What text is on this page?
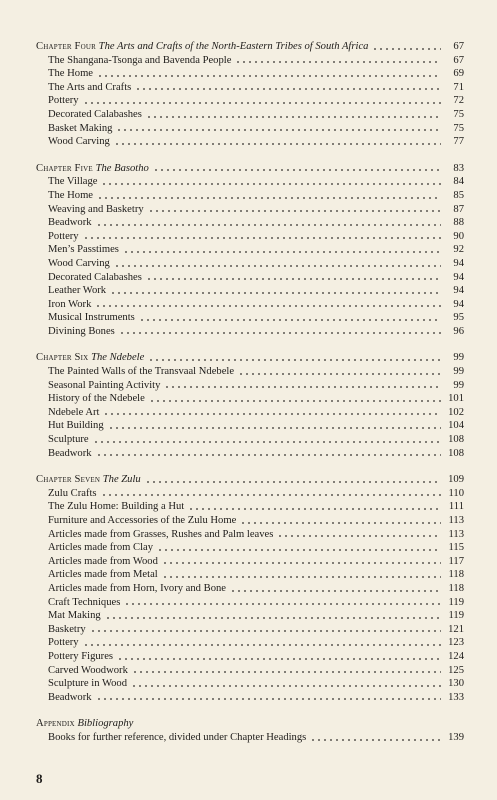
Chapter Four The Arts and Crafts of the North-Eastern Tribes of South Africa	67
The Shangana-Tsonga and Bavenda People	67
The Home	69
The Arts and Crafts	71
Pottery	72
Decorated Calabashes	75
Basket Making	75
Wood Carving	77
Chapter Five The Basotho	83
The Village	84
The Home	85
Weaving and Basketry	87
Beadwork	88
Pottery	90
Men’s Passtimes	92
Wood Carving	94
Decorated Calabashes	94
Leather Work	94
Iron Work	94
Musical Instruments	95
Divining Bones	96
Chapter Six The Ndebele	99
The Painted Walls of the Transvaal Ndebele	99
Seasonal Painting Activity	99
History of the Ndebele	101
Ndebele Art	102
Hut Building	104
Sculpture	108
Beadwork	108
Chapter Seven The Zulu	109
Zulu Crafts	110
The Zulu Home: Building a Hut	111
Furniture and Accessories of the Zulu Home	113
Articles made from Grasses, Rushes and Palm leaves	113
Articles made from Clay	115
Articles made from Wood	117
Articles made from Metal	118
Articles made from Horn, Ivory and Bone	118
Craft Techniques	119
Mat Making	119
Basketry	121
Pottery	123
Pottery Figures	124
Carved Woodwork	125
Sculpture in Wood	130
Beadwork	133
Appendix Bibliography
Books for further reference, divided under Chapter Headings	139
8
